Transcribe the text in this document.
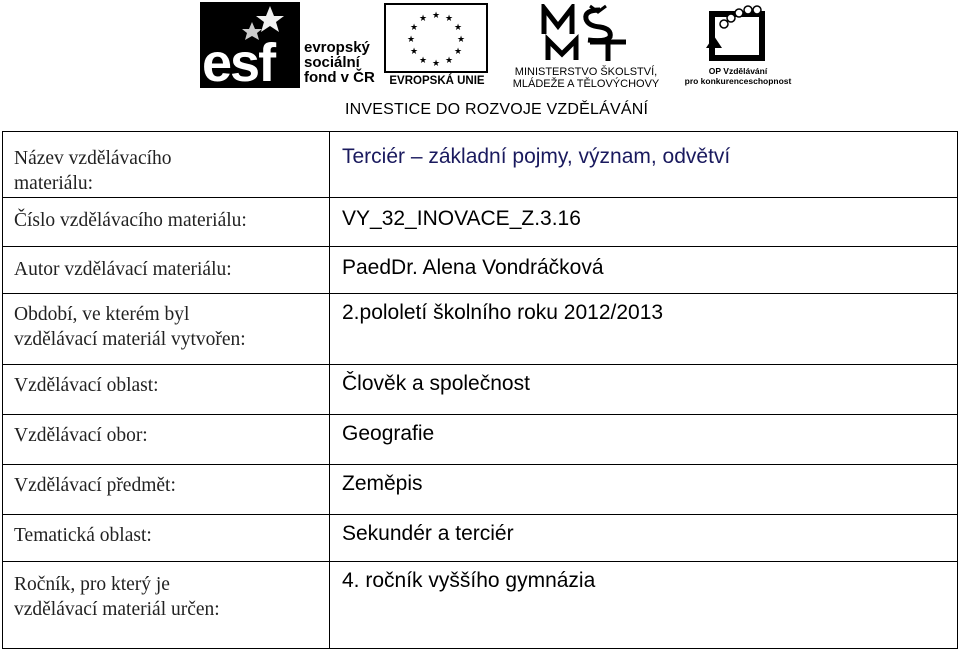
esf evropský
sociální
fond v ČR
★ ★
★
★
★
★
★
★
★
★
★
★
EVROPSKÁ UNIE
MINISTERSTVO ŠKOLSTVÍ,
MLÁDEŽE A TĚLOVÝCHOVY
OP Vzdělávání
pro konkurenceschopnost
INVESTICE DO ROZVOJE VZDĚLÁVÁNÍ
Název vzdělávacího
materiálu:	Terciér – základní pojmy, význam, odvětví
Číslo vzdělávacího materiálu:	VY_32_INOVACE_Z.3.16
Autor vzdělávací materiálu:	PaedDr. Alena Vondráčková
Období, ve kterém byl
vzdělávací materiál vytvořen:	2.pololetí školního roku 2012/2013
Vzdělávací oblast:	Člověk a společnost
Vzdělávací obor:	Geografie
Vzdělávací předmět:	Zeměpis
Tematická oblast:	Sekundér a terciér
Ročník, pro který je
vzdělávací materiál určen:	4. ročník vyššího gymnázia
